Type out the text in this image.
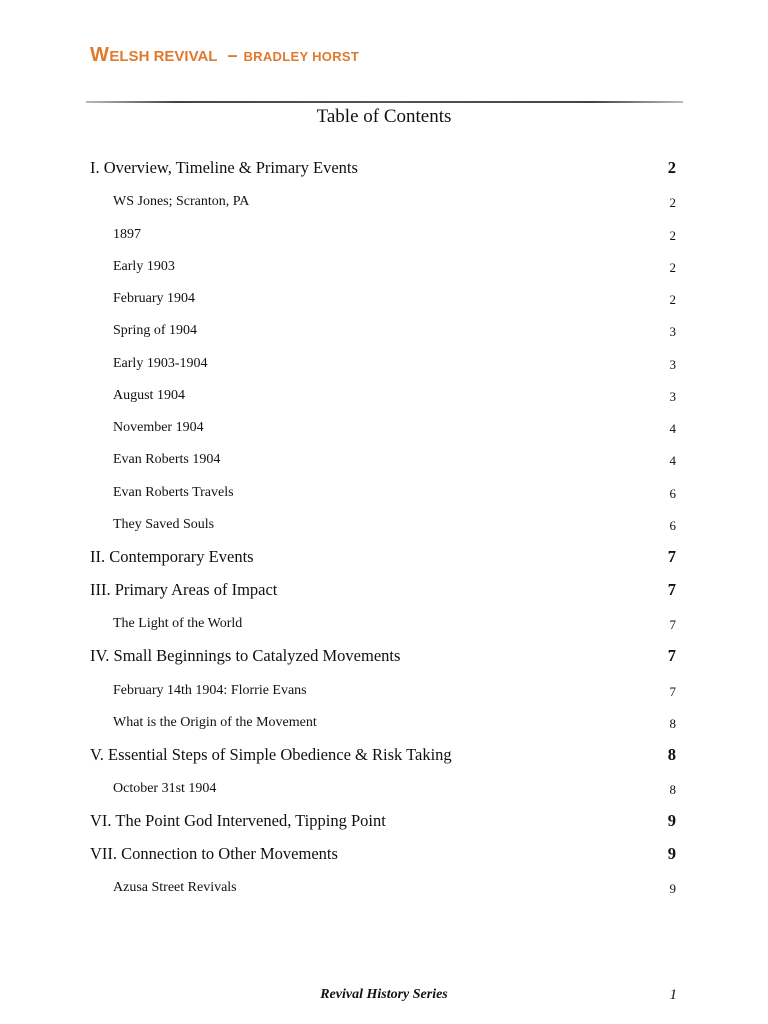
WELSH REVIVAL – BRADLEY HORST
Table of Contents
I. Overview, Timeline & Primary Events	2
WS Jones; Scranton, PA	2
1897	2
Early 1903	2
February 1904	2
Spring of 1904	3
Early 1903-1904	3
August 1904	3
November 1904	4
Evan Roberts 1904	4
Evan Roberts Travels	6
They Saved Souls	6
II. Contemporary Events	7
III. Primary Areas of Impact	7
The Light of the World	7
IV. Small Beginnings to Catalyzed Movements	7
February 14th 1904: Florrie Evans	7
What is the Origin of the Movement	8
V. Essential Steps of Simple Obedience & Risk Taking	8
October 31st 1904	8
VI. The Point God Intervened, Tipping Point	9
VII. Connection to Other Movements	9
Azusa Street Revivals	9
Revival History Series	1
